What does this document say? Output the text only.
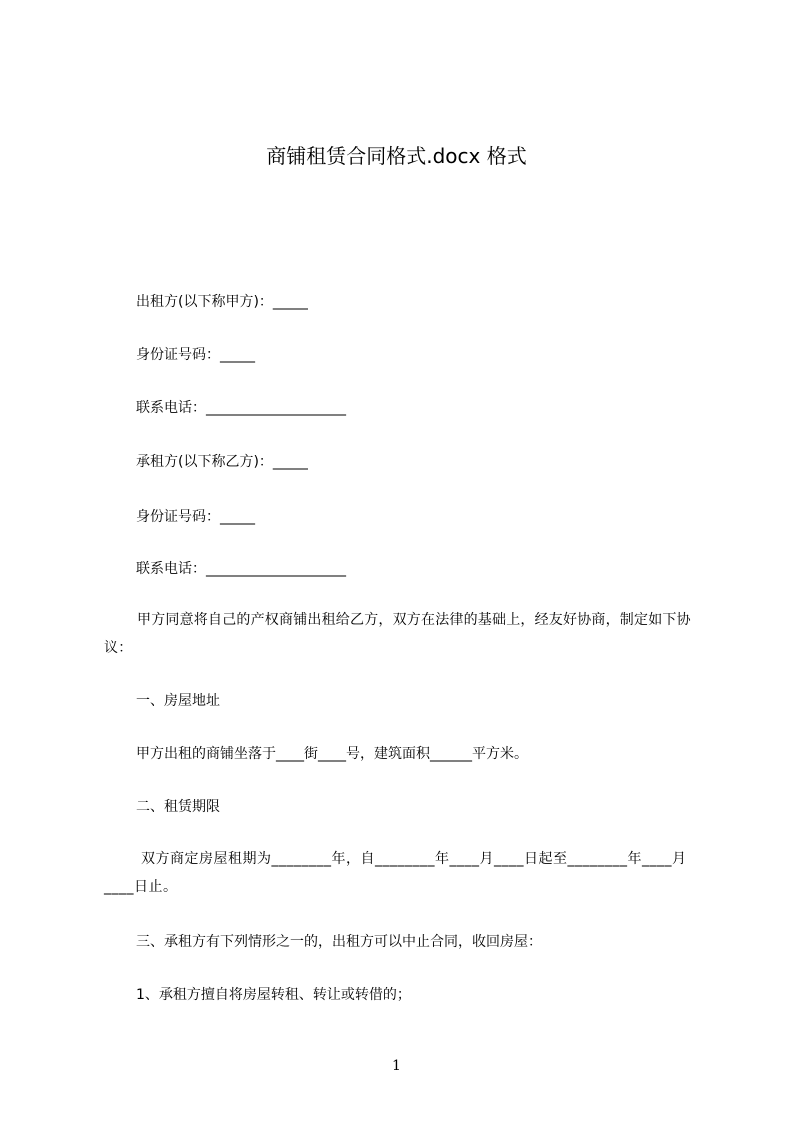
商铺租赁合同格式.docx 格式
出租方(以下称甲方)：_____
身份证号码：_____
联系电话：____________________
承租方(以下称乙方)：_____
身份证号码：_____
联系电话：____________________
甲方同意将自己的产权商铺出租给乙方，双方在法律的基础上，经友好协商，制定如下协议：
一、房屋地址
甲方出租的商铺坐落于____街____号，建筑面积______平方米。
二、租赁期限
双方商定房屋租期为________年，自________年____月____日起至________年____月____日止。
三、承租方有下列情形之一的，出租方可以中止合同，收回房屋：
1、承租方擅自将房屋转租、转让或转借的；
1
